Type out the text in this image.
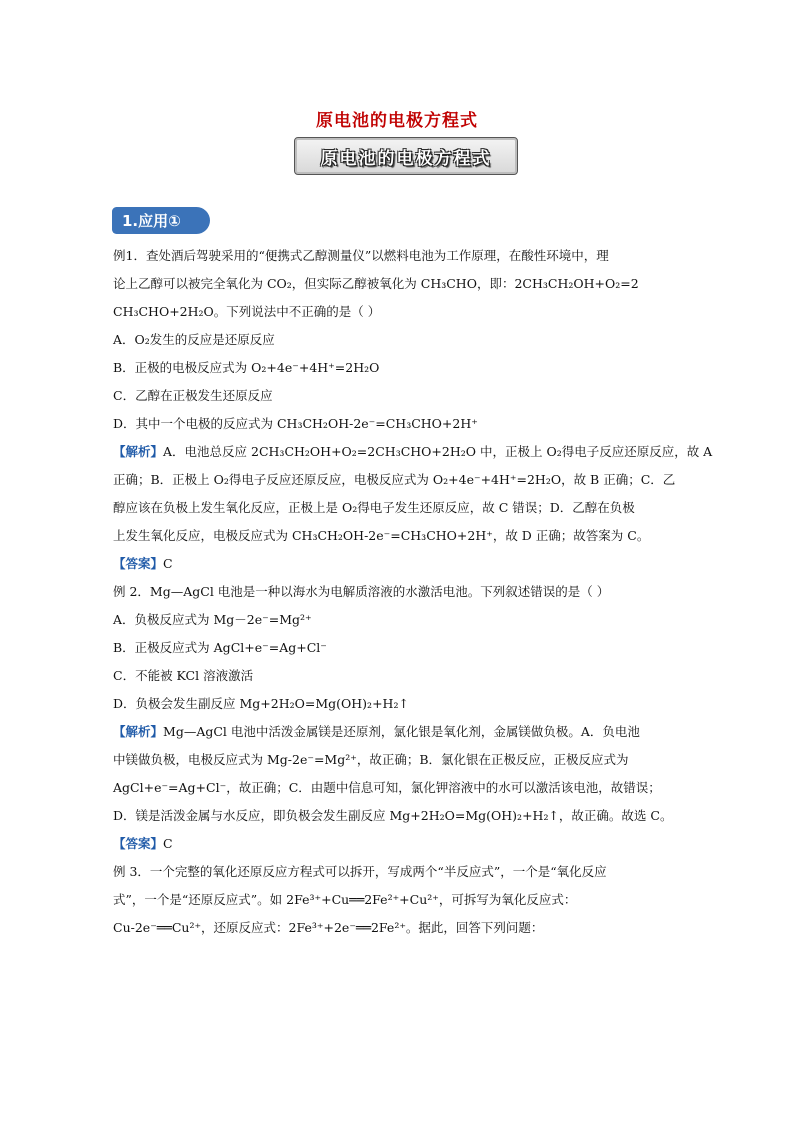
原电池的电极方程式
原电池的电极方程式
1.应用①

例1．查处酒后驾驶采用的“便携式乙醇测量仪”以燃料电池为工作原理，在酸性环境中，理

论上乙醇可以被完全氧化为 CO₂，但实际乙醇被氧化为 CH₃CHO，即：2CH₃CH₂OH+O₂=2

CH₃CHO+2H₂O。下列说法中不正确的是（ ）

A．O₂发生的反应是还原反应

B．正极的电极反应式为 O₂+4e⁻+4H⁺=2H₂O

C．乙醇在正极发生还原反应

D．其中一个电极的反应式为 CH₃CH₂OH-2e⁻=CH₃CHO+2H⁺

【解析】A．电池总反应 2CH₃CH₂OH+O₂=2CH₃CHO+2H₂O 中，正极上 O₂得电子反应还原反应，故 A

正确；B．正极上 O₂得电子反应还原反应，电极反应式为 O₂+4e⁻+4H⁺=2H₂O，故 B 正确；C．乙

醇应该在负极上发生氧化反应，正极上是 O₂得电子发生还原反应，故 C 错误；D．乙醇在负极

上发生氧化反应，电极反应式为 CH₃CH₂OH-2e⁻=CH₃CHO+2H⁺，故 D 正确；故答案为 C。

【答案】C

例 2．Mg—AgCl 电池是一种以海水为电解质溶液的水激活电池。下列叙述错误的是（ ）

A．负极反应式为 Mg－2e⁻=Mg²⁺

B．正极反应式为 AgCl+e⁻=Ag+Cl⁻

C．不能被 KCl 溶液激活

D．负极会发生副反应 Mg+2H₂O=Mg(OH)₂+H₂↑

【解析】Mg—AgCl 电池中活泼金属镁是还原剂，氯化银是氧化剂，金属镁做负极。A．负电池

中镁做负极，电极反应式为 Mg-2e⁻=Mg²⁺，故正确；B．氯化银在正极反应，正极反应式为

AgCl+e⁻=Ag+Cl⁻，故正确；C．由题中信息可知，氯化钾溶液中的水可以激活该电池，故错误；

D．镁是活泼金属与水反应，即负极会发生副反应 Mg+2H₂O=Mg(OH)₂+H₂↑，故正确。故选 C。

【答案】C

例 3．一个完整的氧化还原反应方程式可以拆开，写成两个“半反应式”，一个是“氧化反应

式”，一个是“还原反应式”。如 2Fe³⁺+Cu══2Fe²⁺+Cu²⁺，可拆写为氧化反应式：

Cu-2e⁻══Cu²⁺，还原反应式：2Fe³⁺+2e⁻══2Fe²⁺。据此，回答下列问题：
